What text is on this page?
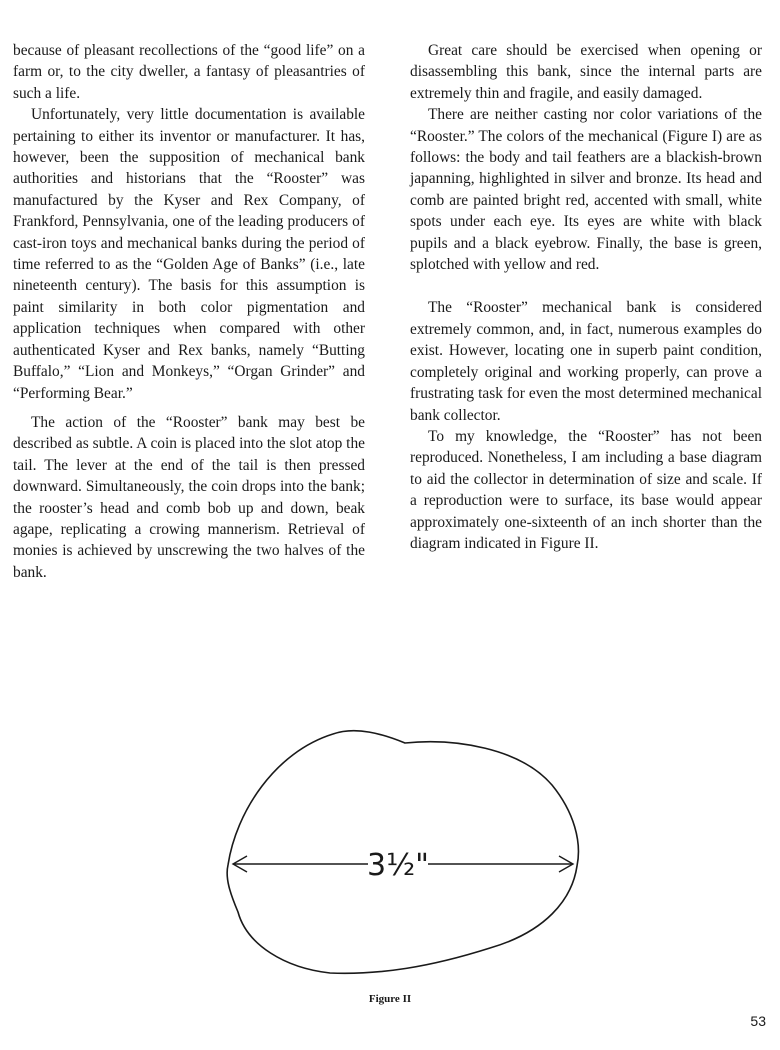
because of pleasant recollections of the “good life” on a farm or, to the city dweller, a fantasy of pleasantries of such a life.

Unfortunately, very little documentation is available pertaining to either its inventor or manufacturer. It has, however, been the supposition of mechanical bank authorities and historians that the “Rooster” was manufactured by the Kyser and Rex Company, of Frankford, Pennsylvania, one of the leading producers of cast-iron toys and mechanical banks during the period of time referred to as the “Golden Age of Banks” (i.e., late nineteenth century). The basis for this assumption is paint similarity in both color pigmentation and application techniques when compared with other authenticated Kyser and Rex banks, namely “Butting Buffalo,” “Lion and Monkeys,” “Organ Grinder” and “Performing Bear.”

The action of the “Rooster” bank may best be described as subtle. A coin is placed into the slot atop the tail. The lever at the end of the tail is then pressed downward. Simultaneously, the coin drops into the bank; the rooster’s head and comb bob up and down, beak agape, replicating a crowing mannerism. Retrieval of monies is achieved by unscrewing the two halves of the bank.

Great care should be exercised when opening or disassembling this bank, since the internal parts are extremely thin and fragile, and easily damaged.

There are neither casting nor color variations of the “Rooster.” The colors of the mechanical (Figure I) are as follows: the body and tail feathers are a blackish-brown japanning, highlighted in silver and bronze. Its head and comb are painted bright red, accented with small, white spots under each eye. Its eyes are white with black pupils and a black eyebrow. Finally, the base is green, splotched with yellow and red.

The “Rooster” mechanical bank is considered extremely common, and, in fact, numerous examples do exist. However, locating one in superb paint condition, completely original and working properly, can prove a frustrating task for even the most determined mechanical bank collector.

To my knowledge, the “Rooster” has not been reproduced. Nonetheless, I am including a base diagram to aid the collector in determination of size and scale. If a reproduction were to surface, its base would appear approximately one-sixteenth of an inch shorter than the diagram indicated in Figure II.

3½"
Figure II
53
